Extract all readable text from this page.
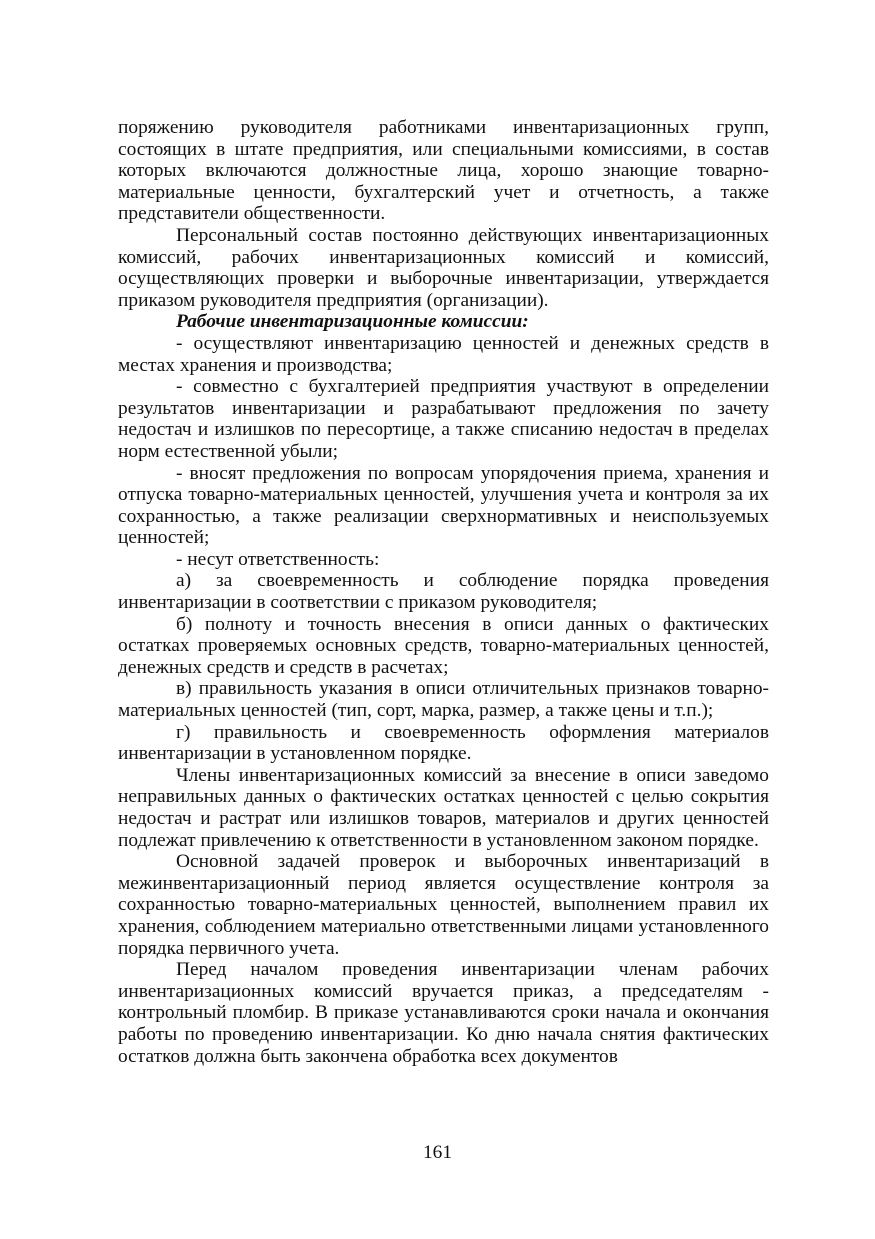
поряжению руководителя работниками инвентаризационных групп, состоящих в штате предприятия, или специальными комиссиями, в состав которых включаются должностные лица, хорошо знающие товарно-материальные ценности, бухгалтерский учет и отчетность, а также представители общественности.

Персональный состав постоянно действующих инвентаризационных комиссий, рабочих инвентаризационных комиссий и комиссий, осуществляющих проверки и выборочные инвентаризации, утверждается приказом руководителя предприятия (организации).

Рабочие инвентаризационные комиссии:

- осуществляют инвентаризацию ценностей и денежных средств в местах хранения и производства;

- совместно с бухгалтерией предприятия участвуют в определении результатов инвентаризации и разрабатывают предложения по зачету недостач и излишков по пересортице, а также списанию недостач в пределах норм естественной убыли;

- вносят предложения по вопросам упорядочения приема, хранения и отпуска товарно-материальных ценностей, улучшения учета и контроля за их сохранностью, а также реализации сверхнормативных и неиспользуемых ценностей;

- несут ответственность:

а) за своевременность и соблюдение порядка проведения инвентаризации в соответствии с приказом руководителя;

б) полноту и точность внесения в описи данных о фактических остатках проверяемых основных средств, товарно-материальных ценностей, денежных средств и средств в расчетах;

в) правильность указания в описи отличительных признаков товарно-материальных ценностей (тип, сорт, марка, размер, а также цены и т.п.);

г) правильность и своевременность оформления материалов инвентаризации в установленном порядке.

Члены инвентаризационных комиссий за внесение в описи заведомо неправильных данных о фактических остатках ценностей с целью сокрытия недостач и растрат или излишков товаров, материалов и других ценностей подлежат привлечению к ответственности в установленном законом порядке.

Основной задачей проверок и выборочных инвентаризаций в межинвентаризационный период является осуществление контроля за сохранностью товарно-материальных ценностей, выполнением правил их хранения, соблюдением материально ответственными лицами установленного порядка первичного учета.

Перед началом проведения инвентаризации членам рабочих инвентаризационных комиссий вручается приказ, а председателям - контрольный пломбир. В приказе устанавливаются сроки начала и окончания работы по проведению инвентаризации. Ко дню начала снятия фактических остатков должна быть закончена обработка всех документов

161
